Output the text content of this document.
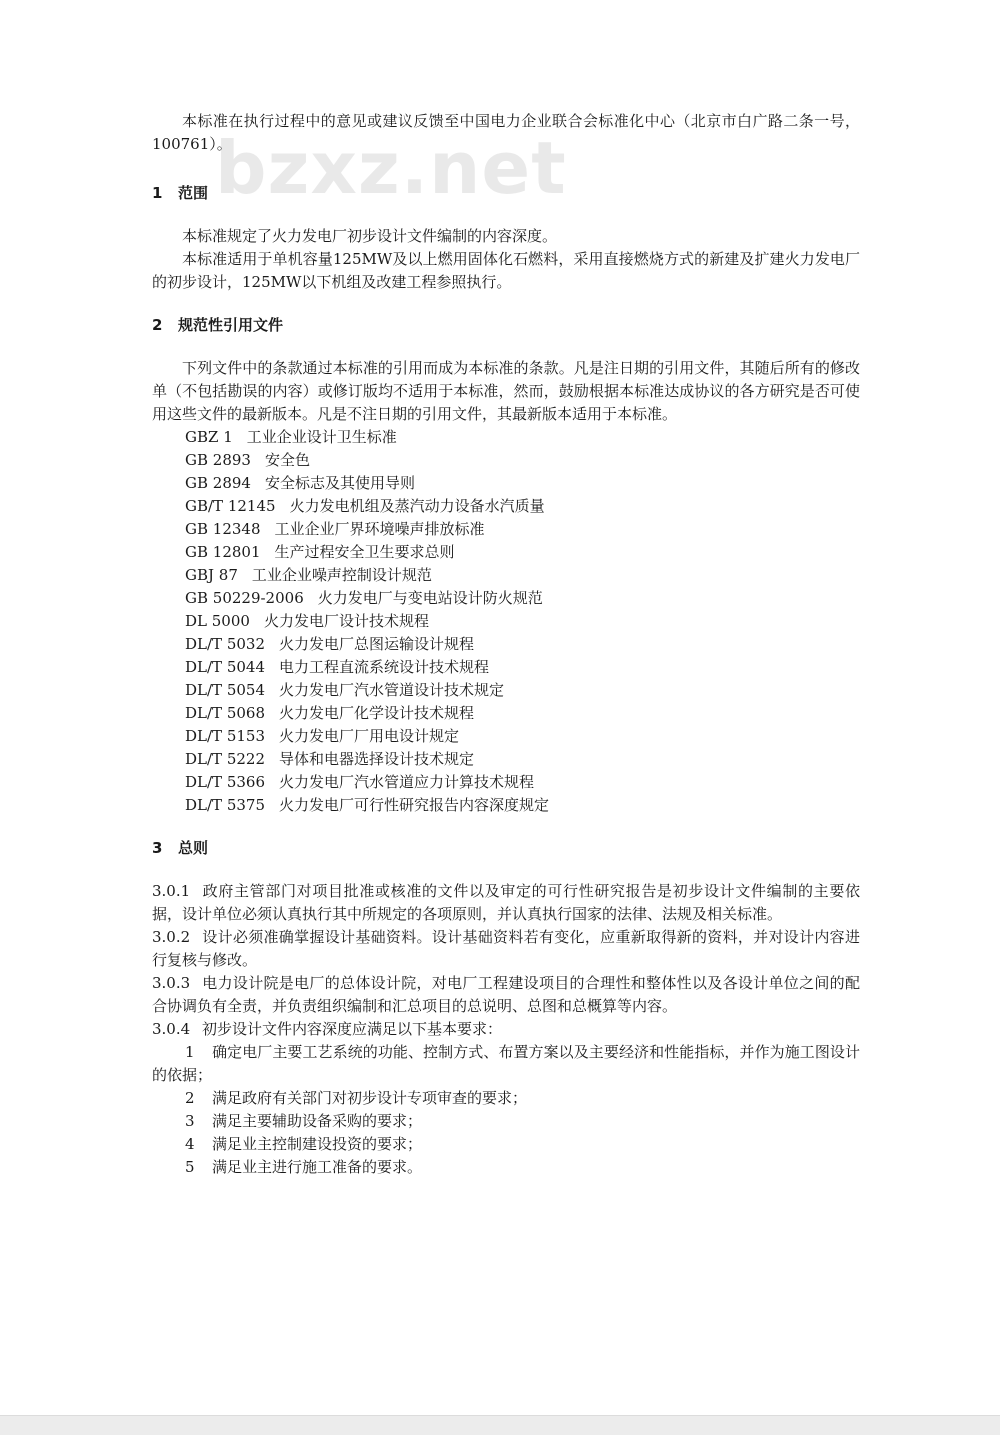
bzxz.net

本标准在执行过程中的意见或建议反馈至中国电力企业联合会标准化中心（北京市白广路二条一号，100761）。

1 范围

本标准规定了火力发电厂初步设计文件编制的内容深度。

本标准适用于单机容量125MW及以上燃用固体化石燃料，采用直接燃烧方式的新建及扩建火力发电厂的初步设计，125MW以下机组及改建工程参照执行。

2 规范性引用文件

下列文件中的条款通过本标准的引用而成为本标准的条款。凡是注日期的引用文件，其随后所有的修改单（不包括勘误的内容）或修订版均不适用于本标准，然而，鼓励根据本标准达成协议的各方研究是否可使用这些文件的最新版本。凡是不注日期的引用文件，其最新版本适用于本标准。

GBZ 1 工业企业设计卫生标准
GB 2893 安全色
GB 2894 安全标志及其使用导则
GB/T 12145 火力发电机组及蒸汽动力设备水汽质量
GB 12348 工业企业厂界环境噪声排放标准
GB 12801 生产过程安全卫生要求总则
GBJ 87 工业企业噪声控制设计规范
GB 50229-2006 火力发电厂与变电站设计防火规范
DL 5000 火力发电厂设计技术规程
DL/T 5032 火力发电厂总图运输设计规程
DL/T 5044 电力工程直流系统设计技术规程
DL/T 5054 火力发电厂汽水管道设计技术规定
DL/T 5068 火力发电厂化学设计技术规程
DL/T 5153 火力发电厂厂用电设计规定
DL/T 5222 导体和电器选择设计技术规定
DL/T 5366 火力发电厂汽水管道应力计算技术规程
DL/T 5375 火力发电厂可行性研究报告内容深度规定
3 总则

3.0.1 政府主管部门对项目批准或核准的文件以及审定的可行性研究报告是初步设计文件编制的主要依据，设计单位必须认真执行其中所规定的各项原则，并认真执行国家的法律、法规及相关标准。

3.0.2 设计必须准确掌握设计基础资料。设计基础资料若有变化，应重新取得新的资料，并对设计内容进行复核与修改。

3.0.3 电力设计院是电厂的总体设计院，对电厂工程建设项目的合理性和整体性以及各设计单位之间的配合协调负有全责，并负责组织编制和汇总项目的总说明、总图和总概算等内容。

3.0.4 初步设计文件内容深度应满足以下基本要求：

1 确定电厂主要工艺系统的功能、控制方式、布置方案以及主要经济和性能指标，并作为施工图设计的依据；

2 满足政府有关部门对初步设计专项审查的要求；

3 满足主要辅助设备采购的要求；

4 满足业主控制建设投资的要求；

5 满足业主进行施工准备的要求。
